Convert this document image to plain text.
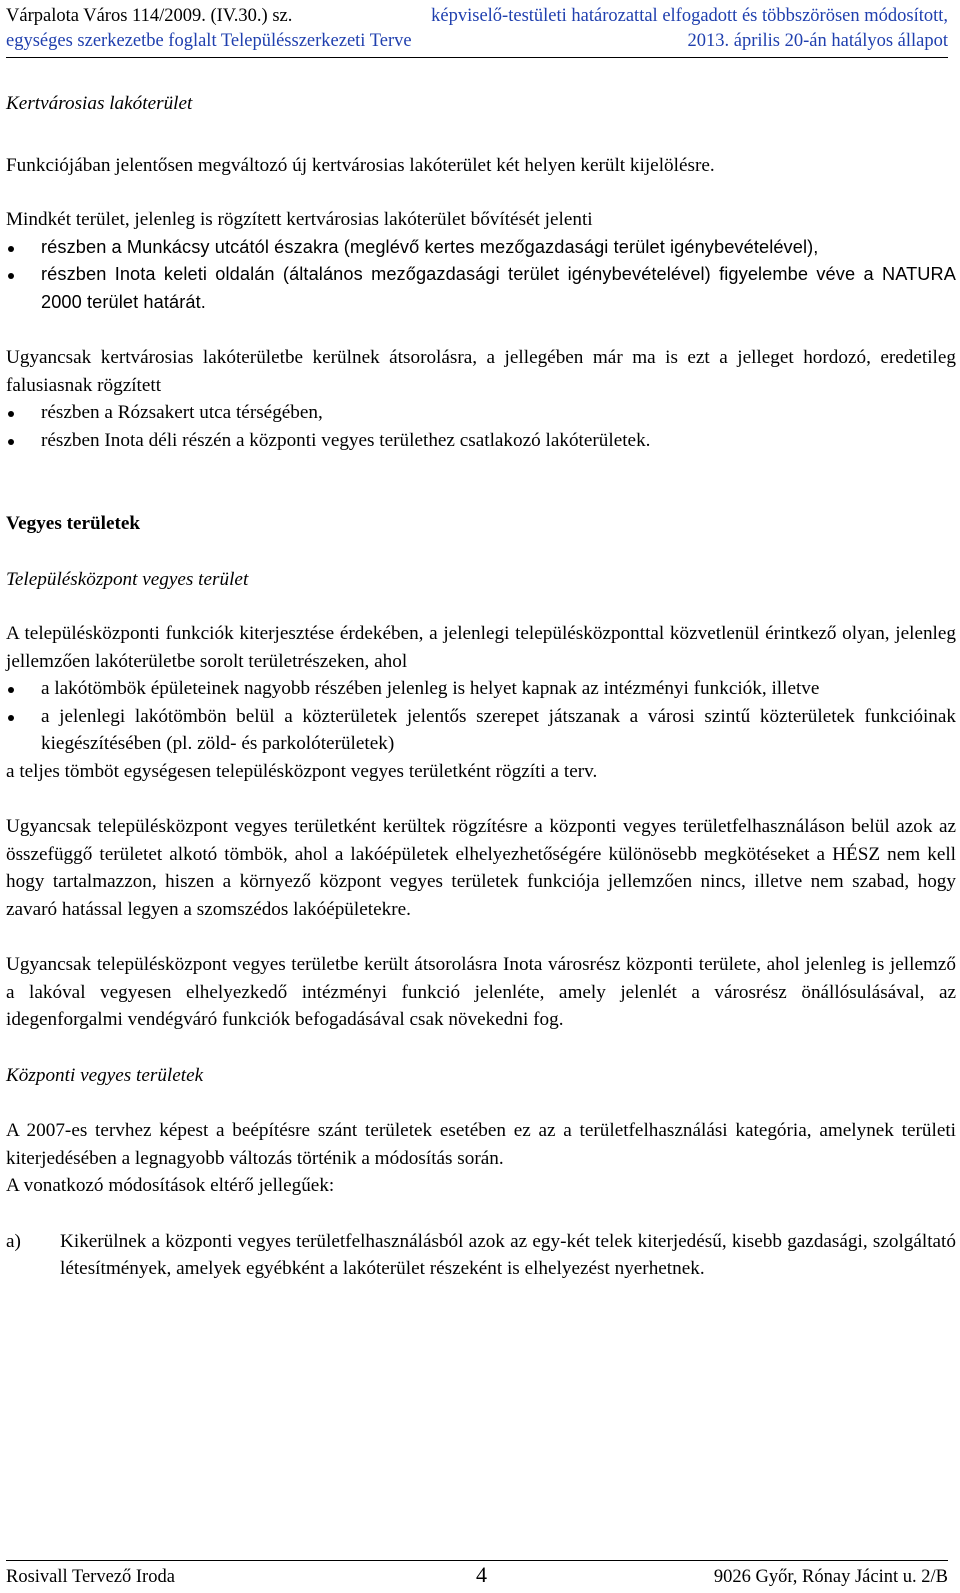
Várpalota Város 114/2009. (IV.30.) sz.	képviselő-testületi határozattal elfogadott és többszörösen módosított,
egységes szerkezetbe foglalt Településszerkezeti Terve	2013. április 20-án hatályos állapot

Kertvárosias lakóterület

Funkciójában jelentősen megváltozó új kertvárosias lakóterület két helyen került kijelölésre.

Mindkét terület, jelenleg is rögzített kertvárosias lakóterület bővítését jelenti

részben a Munkácsy utcától északra (meglévő kertes mezőgazdasági terület igénybevételével),
részben Inota keleti oldalán (általános mezőgazdasági terület igénybevételével) figyelembe véve a NATURA 2000 terület határát.

Ugyancsak kertvárosias lakóterületbe kerülnek átsorolásra, a jellegében már ma is ezt a jelleget hordozó, eredetileg falusiasnak rögzített

részben a Rózsakert utca térségében,
részben Inota déli részén a központi vegyes területhez csatlakozó lakóterületek.

Vegyes területek

Településközpont vegyes terület

A településközponti funkciók kiterjesztése érdekében, a jelenlegi településközponttal közvetlenül érintkező olyan, jelenleg jellemzően lakóterületbe sorolt területrészeken, ahol

a lakótömbök épületeinek nagyobb részében jelenleg is helyet kapnak az intézményi funkciók, illetve
a jelenlegi lakótömbön belül a közterületek jelentős szerepet játszanak a városi szintű közterületek funkcióinak kiegészítésében (pl. zöld- és parkolóterületek)

a teljes tömböt egységesen településközpont vegyes területként rögzíti a terv.

Ugyancsak településközpont vegyes területként kerültek rögzítésre a központi vegyes területfelhasználáson belül azok az összefüggő területet alkotó tömbök, ahol a lakóépületek elhelyezhetőségére különösebb megkötéseket a HÉSZ nem kell hogy tartalmazzon, hiszen a környező központ vegyes területek funkciója jellemzően nincs, illetve nem szabad, hogy zavaró hatással legyen a szomszédos lakóépületekre.

Ugyancsak településközpont vegyes területbe került átsorolásra Inota városrész központi területe, ahol jelenleg is jellemző a lakóval vegyesen elhelyezkedő intézményi funkció jelenléte, amely jelenlét a városrész önállósulásával, az idegenforgalmi vendégváró funkciók befogadásával csak növekedni fog.

Központi vegyes területek

A 2007-es tervhez képest a beépítésre szánt területek esetében ez az a területfelhasználási kategória, amelynek területi kiterjedésében a legnagyobb változás történik a módosítás során.

A vonatkozó módosítások eltérő jellegűek:

a) Kikerülnek a központi vegyes területfelhasználásból azok az egy-két telek kiterjedésű, kisebb gazdasági, szolgáltató létesítmények, amelyek egyébként a lakóterület részeként is elhelyezést nyerhetnek.
Rosivall Tervező Iroda	4	9026 Győr, Rónay Jácint u. 2/B
